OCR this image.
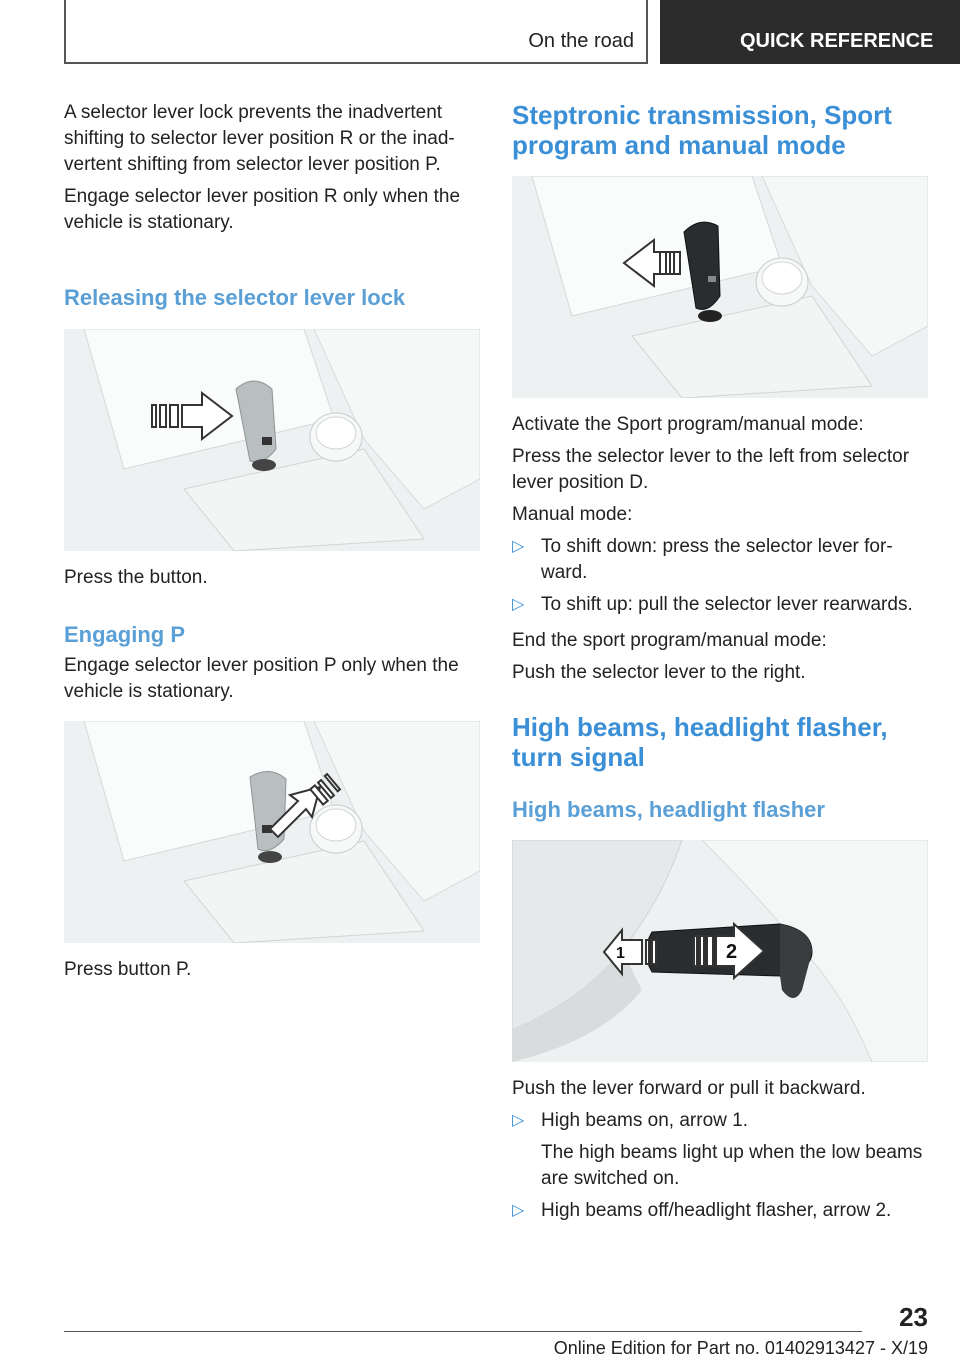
On the road	QUICK REFERENCE

A selector lever lock prevents the inadvertent shifting to selector lever position R or the inad‐vertent shifting from selector lever position P.

Engage selector lever position R only when the vehicle is stationary.

Releasing the selector lever lock

Press the button.

Engaging P

Engage selector lever position P only when the vehicle is stationary.

Press button P.

Steptronic transmission, Sport program and manual mode

Activate the Sport program/manual mode:

Press the selector lever to the left from selector lever position D.

Manual mode:

▷ To shift down: press the selector lever for‐ward.
▷ To shift up: pull the selector lever rearwards.

End the sport program/manual mode:

Push the selector lever to the right.

High beams, headlight flasher, turn signal
High beams, headlight flasher
1	2

Push the lever forward or pull it backward.

▷ High beams on, arrow 1.

The high beams light up when the low beams are switched on.

▷ High beams off/headlight flasher, arrow 2.
23
Online Edition for Part no. 01402913427 - X/19
